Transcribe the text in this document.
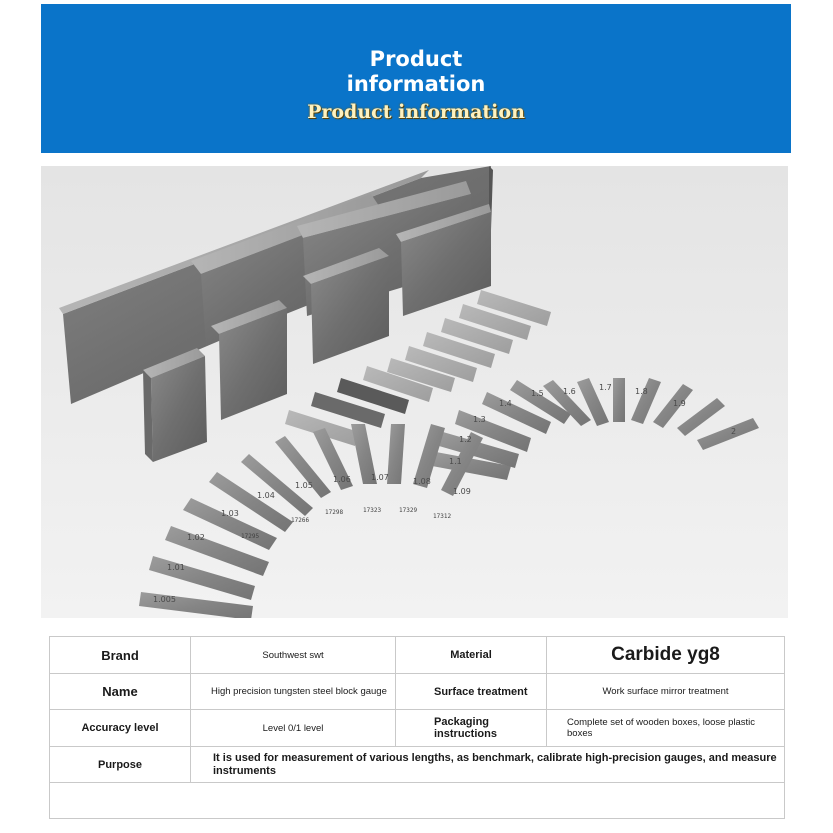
Product information
Product information
1.005
1.01
1.02
1.03
1.04
1.05
1.06	1.07	1.08
1.09
1.1
1.2
1.3
1.4
1.5 1.6	1.7	1.8
1.9
2
17295
17266
17298	17323	17329
17312
Brand	Southwest swt	Material	Carbide yg8
Name	High precision tungsten steel block gauge	Surface treatment	Work surface mirror treatment
Accuracy level	Level 0/1 level	Packaging instructions	Complete set of wooden boxes, loose plastic boxes
Purpose	It is used for measurement of various lengths, as benchmark, calibrate high-precision gauges, and measure instruments		
